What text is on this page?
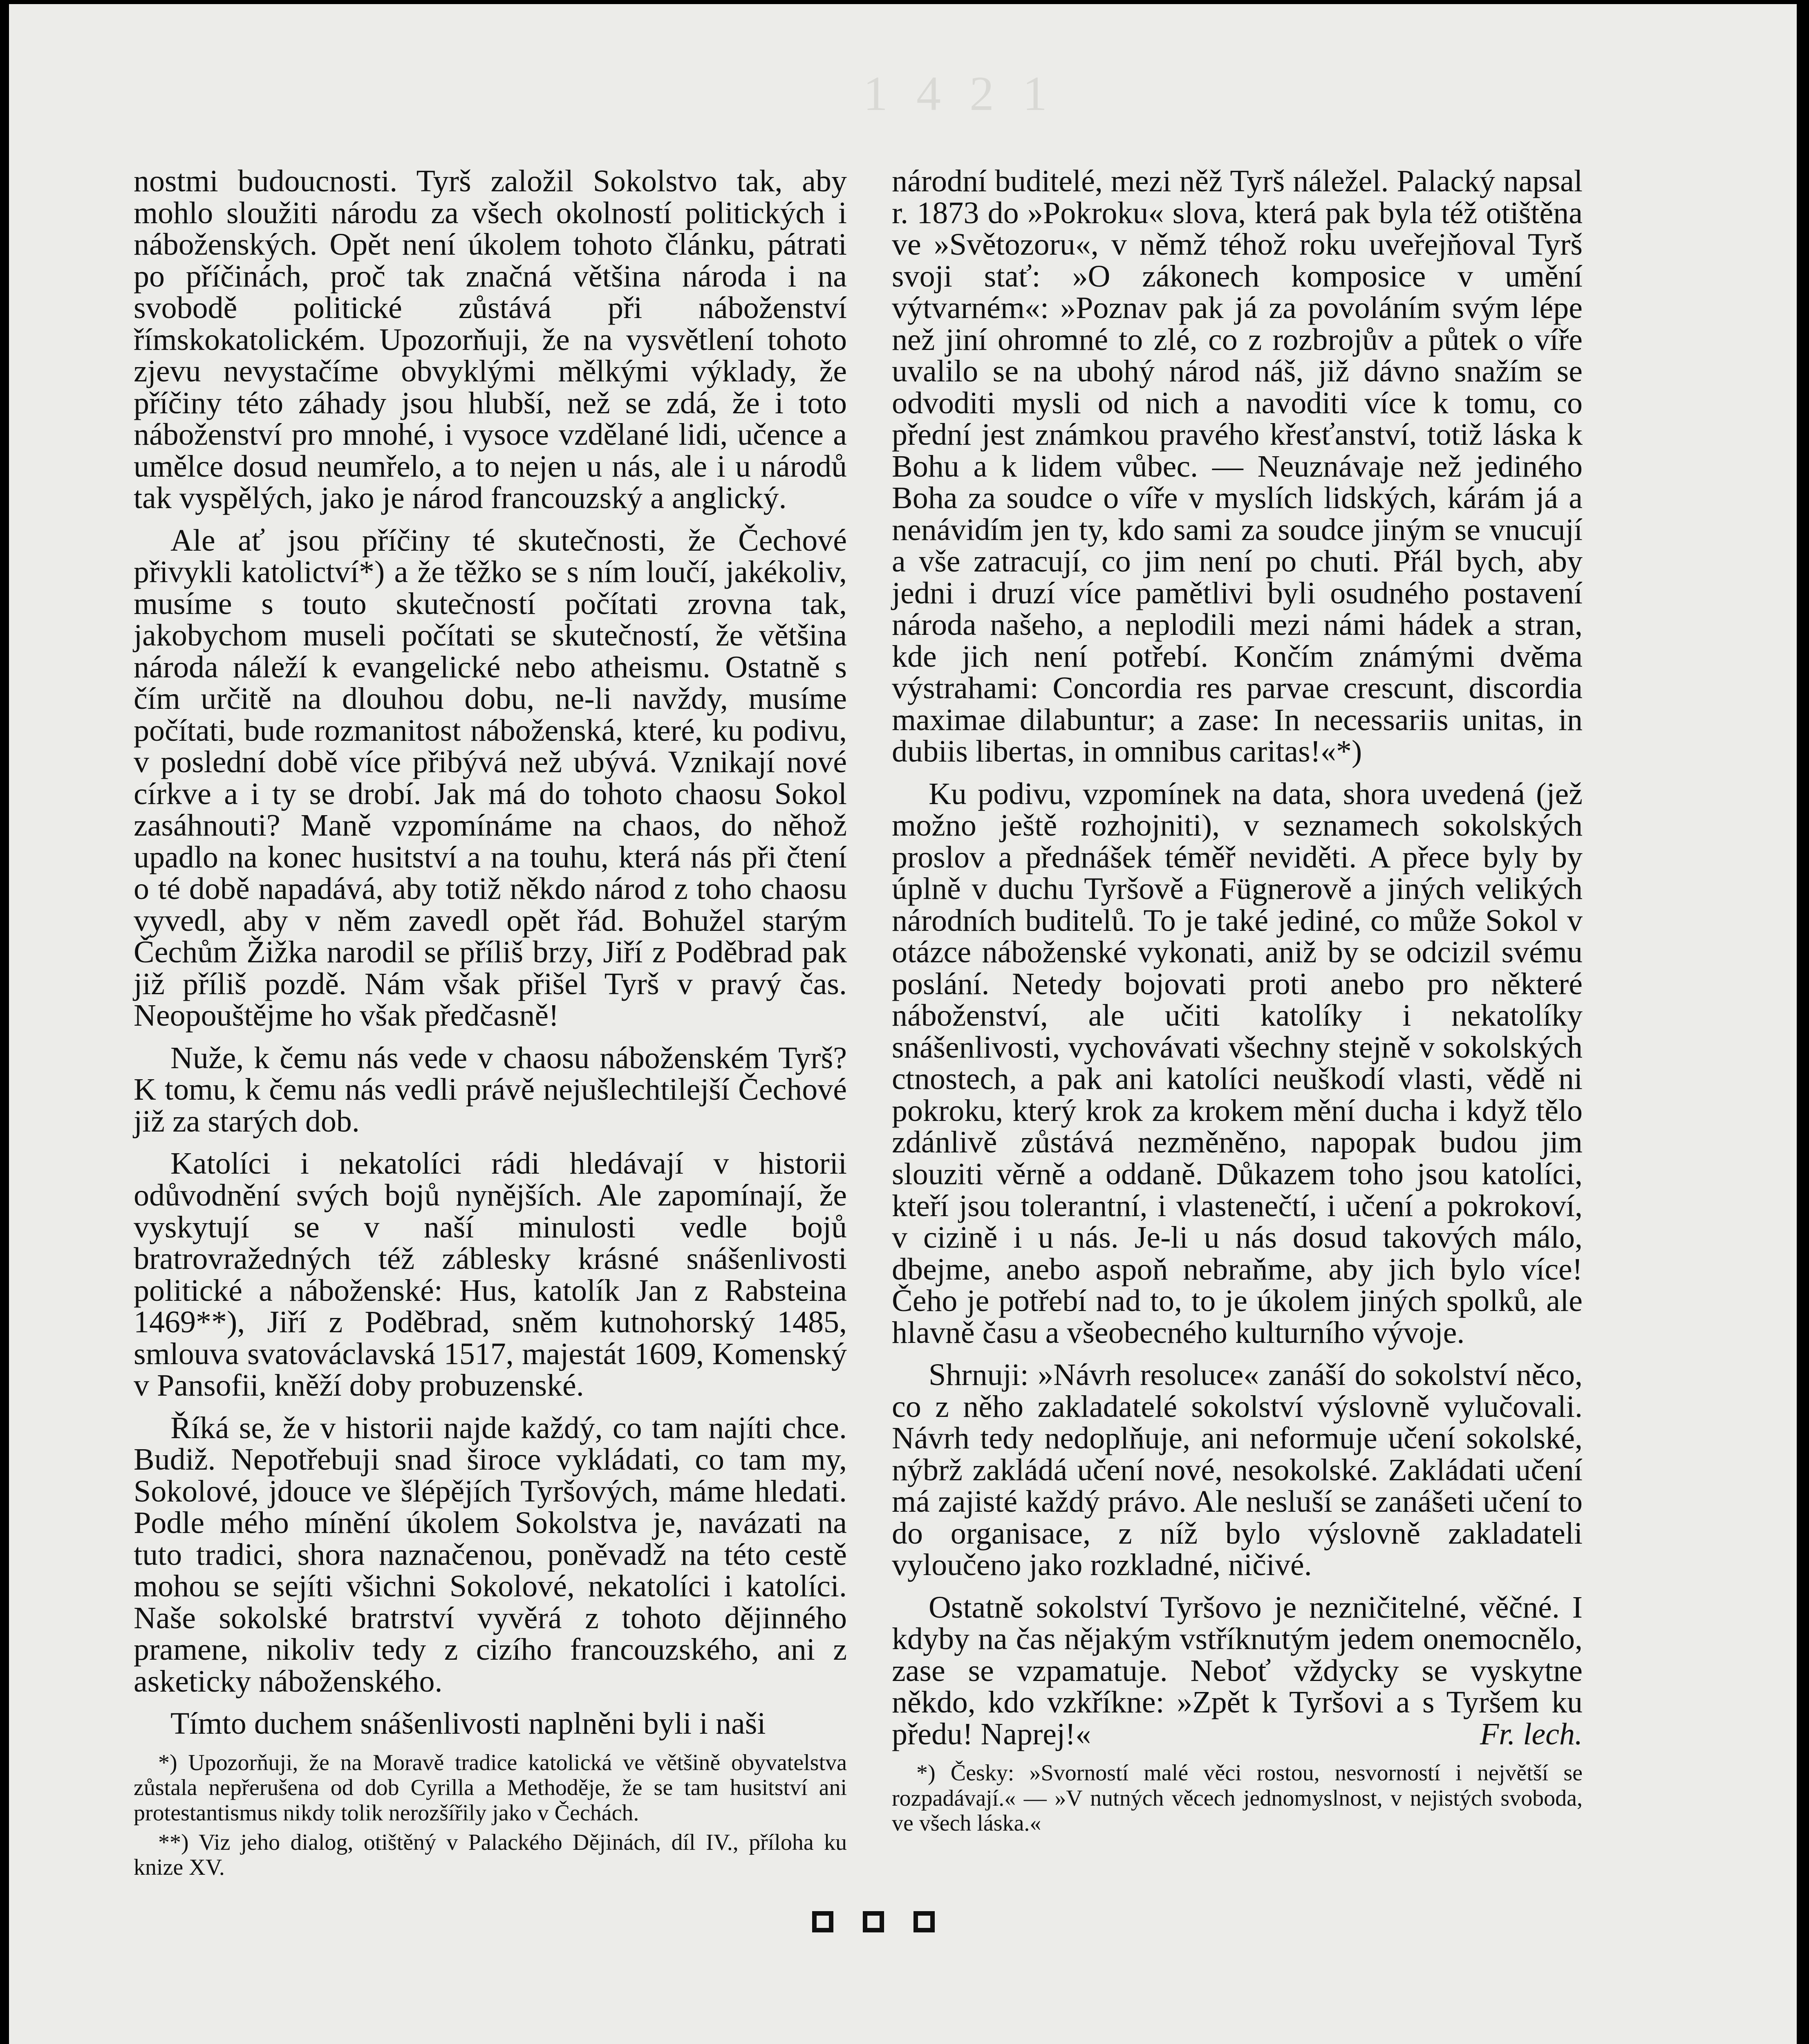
1 4 2 1

nostmi budoucnosti. Tyrš založil Sokolstvo tak, aby mohlo sloužiti národu za všech okolností politických i náboženských. Opět není úkolem tohoto článku, pátrati po příčinách, proč tak značná většina národa i na svobodě politické zůstává při náboženství římskokatolickém. Upozorňuji, že na vysvětlení tohoto zjevu nevystačíme obvyklými mělkými výklady, že příčiny této záhady jsou hlubší, než se zdá, že i toto náboženství pro mnohé, i vysoce vzdělané lidi, učence a umělce dosud neumřelo, a to nejen u nás, ale i u národů tak vyspělých, jako je národ francouzský a anglický.

Ale ať jsou příčiny té skutečnosti, že Čechové přivykli katolictví*) a že těžko se s ním loučí, jakékoliv, musíme s touto skutečností počítati zrovna tak, jakobychom museli počítati se skutečností, že většina národa náleží k evangelické nebo atheismu. Ostatně s čím určitě na dlouhou dobu, ne-li navždy, musíme počítati, bude rozmanitost náboženská, které, ku podivu, v poslední době více přibývá než ubývá. Vznikají nové církve a i ty se drobí. Jak má do tohoto chaosu Sokol zasáhnouti? Maně vzpomínáme na chaos, do něhož upadlo na konec husitství a na touhu, která nás při čtení o té době napadává, aby totiž někdo národ z toho chaosu vyvedl, aby v něm zavedl opět řád. Bohužel starým Čechům Žižka narodil se příliš brzy, Jiří z Poděbrad pak již příliš pozdě. Nám však přišel Tyrš v pravý čas. Neopouštějme ho však předčasně!

Nuže, k čemu nás vede v chaosu náboženském Tyrš? K tomu, k čemu nás vedli právě nejušlechtilejší Čechové již za starých dob.

Katolíci i nekatolíci rádi hledávají v historii odůvodnění svých bojů nynějších. Ale zapomínají, že vyskytují se v naší minulosti vedle bojů bratrovražedných též záblesky krásné snášenlivosti politické a náboženské: Hus, katolík Jan z Rabsteina 1469**), Jiří z Poděbrad, sněm kutnohorský 1485, smlouva svatováclavská 1517, majestát 1609, Komenský v Pansofii, kněží doby probuzenské.

Říká se, že v historii najde každý, co tam najíti chce. Budiž. Nepotřebuji snad široce vykládati, co tam my, Sokolové, jdouce ve šlépějích Tyršových, máme hledati. Podle mého mínění úkolem Sokolstva je, navázati na tuto tradici, shora naznačenou, poněvadž na této cestě mohou se sejíti všichni Sokolové, nekatolíci i katolíci. Naše sokolské bratrství vyvěrá z tohoto dějinného pramene, nikoliv tedy z cizího francouzského, ani z asketicky náboženského.

Tímto duchem snášenlivosti naplněni byli i naši

*) Upozorňuji, že na Moravě tradice katolická ve většině obyvatelstva zůstala nepřerušena od dob Cyrilla a Methoděje, že se tam husitství ani protestantismus nikdy tolik nerozšířily jako v Čechách.

**) Viz jeho dialog, otištěný v Palackého Dějinách, díl IV., příloha ku knize XV.

národní buditelé, mezi něž Tyrš náležel. Palacký napsal r. 1873 do »Pokroku« slova, která pak byla též otištěna ve »Světozoru«, v němž téhož roku uveřejňoval Tyrš svoji stať: »O zákonech komposice v umění výtvarném«: »Poznav pak já za povoláním svým lépe než jiní ohromné to zlé, co z rozbrojův a půtek o víře uvalilo se na ubohý národ náš, již dávno snažím se odvoditi mysli od nich a navoditi více k tomu, co přední jest známkou pravého křesťanství, totiž láska k Bohu a k lidem vůbec. — Neuznávaje než jediného Boha za soudce o víře v myslích lidských, kárám já a nenávidím jen ty, kdo sami za soudce jiným se vnucují a vše zatracují, co jim není po chuti. Přál bych, aby jedni i druzí více pamětlivi byli osudného postavení národa našeho, a neplodili mezi námi hádek a stran, kde jich není potřebí. Končím známými dvěma výstrahami: Concordia res parvae crescunt, discordia maximae dilabuntur; a zase: In necessariis unitas, in dubiis libertas, in omnibus caritas!«*)

Ku podivu, vzpomínek na data, shora uvedená (jež možno ještě rozhojniti), v seznamech sokolských proslov a přednášek téměř neviděti. A přece byly by úplně v duchu Tyršově a Fügnerově a jiných velikých národních buditelů. To je také jediné, co může Sokol v otázce náboženské vykonati, aniž by se odcizil svému poslání. Netedy bojovati proti anebo pro některé náboženství, ale učiti katolíky i nekatolíky snášenlivosti, vychovávati všechny stejně v sokolských ctnostech, a pak ani katolíci neuškodí vlasti, vědě ni pokroku, který krok za krokem mění ducha i když tělo zdánlivě zůstává nezměněno, napopak budou jim slouziti věrně a oddaně. Důkazem toho jsou katolíci, kteří jsou tolerantní, i vlastenečtí, i učení a pokrokoví, v cizině i u nás. Je-li u nás dosud takových málo, dbejme, anebo aspoň nebraňme, aby jich bylo více! Čeho je potřebí nad to, to je úkolem jiných spolků, ale hlavně času a všeobecného kulturního vývoje.

Shrnuji: »Návrh resoluce« zanáší do sokolství něco, co z něho zakladatelé sokolství výslovně vylučovali. Návrh tedy nedoplňuje, ani neformuje učení sokolské, nýbrž zakládá učení nové, nesokolské. Zakládati učení má zajisté každý právo. Ale nesluší se zanášeti učení to do organisace, z níž bylo výslovně zakladateli vyloučeno jako rozkladné, ničivé.

Ostatně sokolství Tyršovo je nezničitelné, věčné. I kdyby na čas nějakým vstříknutým jedem onemocnělo, zase se vzpamatuje. Neboť vždycky se vyskytne někdo, kdo vzkříkne: »Zpět k Tyršovi a s Tyršem ku předu! Naprej!«	Fr. lech.

*) Česky: »Svorností malé věci rostou, nesvorností i největší se rozpadávají.« — »V nutných věcech jednomyslnost, v nejistých svoboda, ve všech láska.«
